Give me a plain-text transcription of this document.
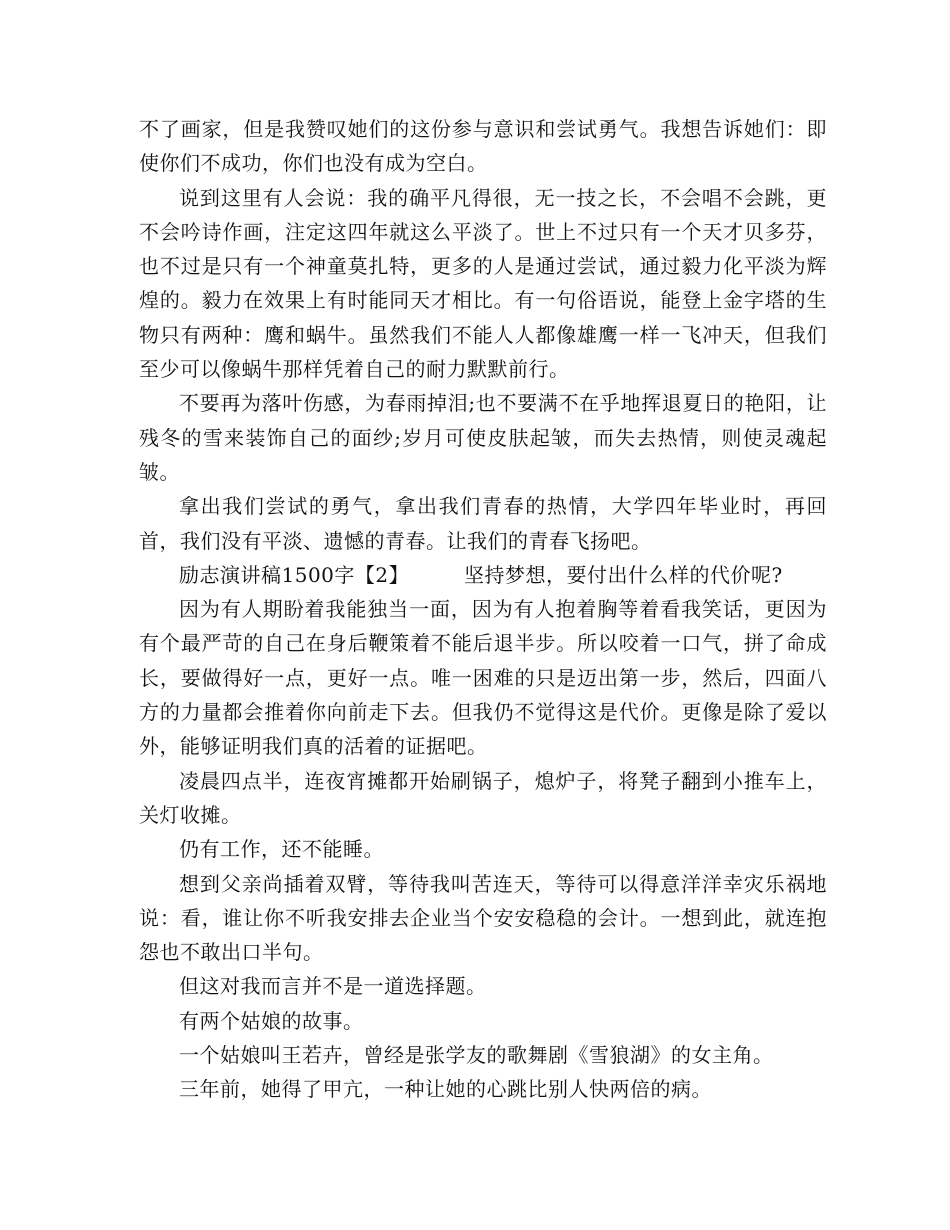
不了画家，但是我赞叹她们的这份参与意识和尝试勇气。我想告诉她们：即使你们不成功，你们也没有成为空白。

说到这里有人会说：我的确平凡得很，无一技之长，不会唱不会跳，更不会吟诗作画，注定这四年就这么平淡了。世上不过只有一个天才贝多芬，也不过是只有一个神童莫扎特，更多的人是通过尝试，通过毅力化平淡为辉煌的。毅力在效果上有时能同天才相比。有一句俗语说，能登上金字塔的生物只有两种：鹰和蜗牛。虽然我们不能人人都像雄鹰一样一飞冲天，但我们至少可以像蜗牛那样凭着自己的耐力默默前行。

不要再为落叶伤感，为春雨掉泪;也不要满不在乎地挥退夏日的艳阳，让残冬的雪来装饰自己的面纱;岁月可使皮肤起皱，而失去热情，则使灵魂起皱。

拿出我们尝试的勇气，拿出我们青春的热情，大学四年毕业时，再回首，我们没有平淡、遗憾的青春。让我们的青春飞扬吧。

励志演讲稿1500字【2】        坚持梦想，要付出什么样的代价呢?

因为有人期盼着我能独当一面，因为有人抱着胸等着看我笑话，更因为有个最严苛的自己在身后鞭策着不能后退半步。所以咬着一口气，拼了命成长，要做得好一点，更好一点。唯一困难的只是迈出第一步，然后，四面八方的力量都会推着你向前走下去。但我仍不觉得这是代价。更像是除了爱以外，能够证明我们真的活着的证据吧。

凌晨四点半，连夜宵摊都开始刷锅子，熄炉子，将凳子翻到小推车上，关灯收摊。

仍有工作，还不能睡。

想到父亲尚插着双臂，等待我叫苦连天，等待可以得意洋洋幸灾乐祸地说：看，谁让你不听我安排去企业当个安安稳稳的会计。一想到此，就连抱怨也不敢出口半句。

但这对我而言并不是一道选择题。

有两个姑娘的故事。

一个姑娘叫王若卉，曾经是张学友的歌舞剧《雪狼湖》的女主角。

三年前，她得了甲亢，一种让她的心跳比别人快两倍的病。
